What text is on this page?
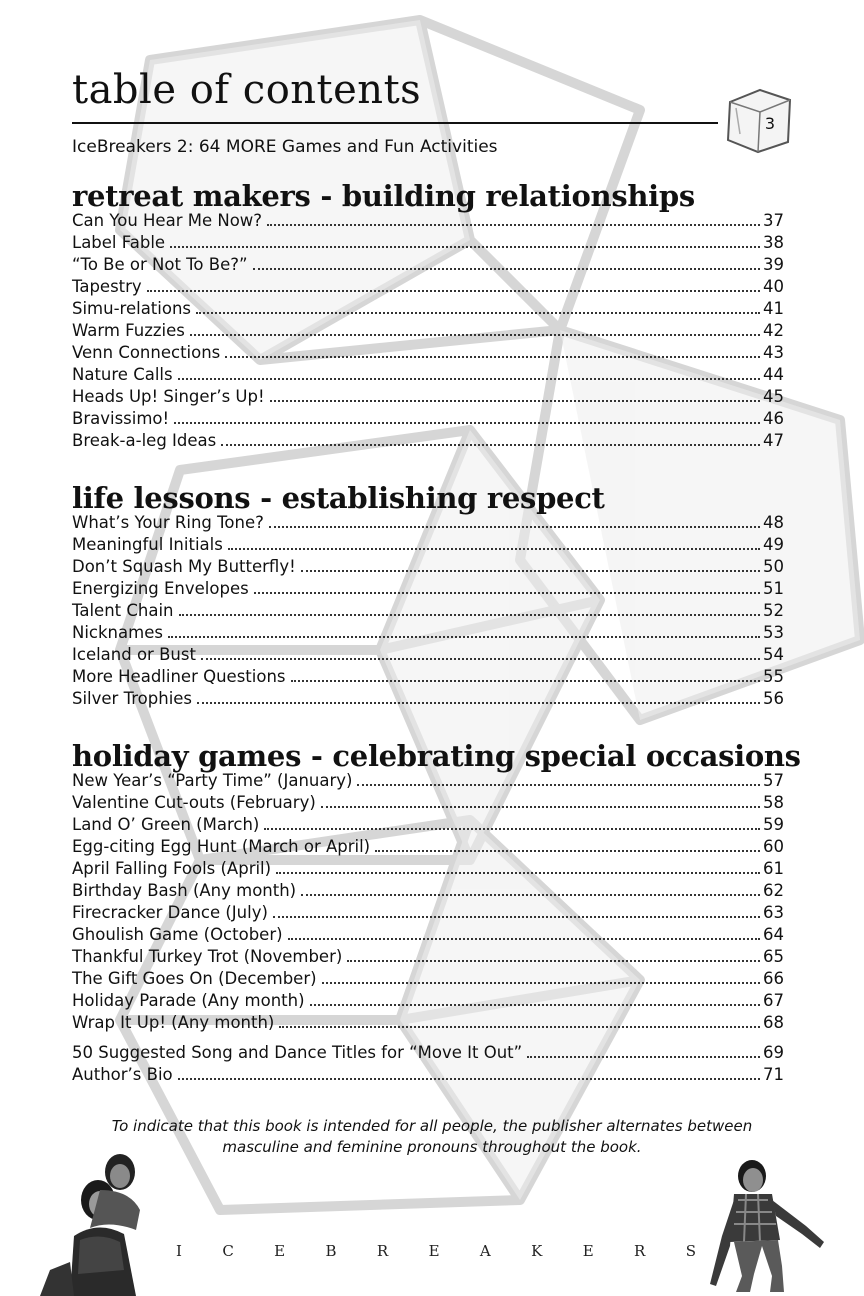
table of contents
IceBreakers 2: 64 MORE Games and Fun Activities
3
retreat makers - building relationships
Can You Hear Me Now?	37
Label Fable	38
“To Be or Not To Be?”	39
Tapestry	40
Simu-relations	41
Warm Fuzzies	42
Venn Connections	43
Nature Calls	44
Heads Up! Singer’s Up!	45
Bravissimo!	46
Break-a-leg Ideas	47
life lessons - establishing respect
What’s Your Ring Tone?	48
Meaningful Initials	49
Don’t Squash My Butterfly!	50
Energizing Envelopes	51
Talent Chain	52
Nicknames	53
Iceland or Bust	54
More Headliner Questions	55
Silver Trophies	56
holiday games - celebrating special occasions
New Year’s “Party Time” (January)	57
Valentine Cut-outs (February)	58
Land O’ Green (March)	59
Egg-citing Egg Hunt (March or April)	60
April Falling Fools (April)	61
Birthday Bash (Any month)	62
Firecracker Dance (July)	63
Ghoulish Game (October)	64
Thankful Turkey Trot (November)	65
The Gift Goes On (December)	66
Holiday Parade (Any month)	67
Wrap It Up! (Any month)	68
50 Suggested Song and Dance Titles for “Move It Out”	69
Author’s Bio	71
To indicate that this book is intended for all people, the publisher alternates between
masculine and feminine pronouns throughout the book.
I	C	E	B	R	E	A	K	E	R	S
